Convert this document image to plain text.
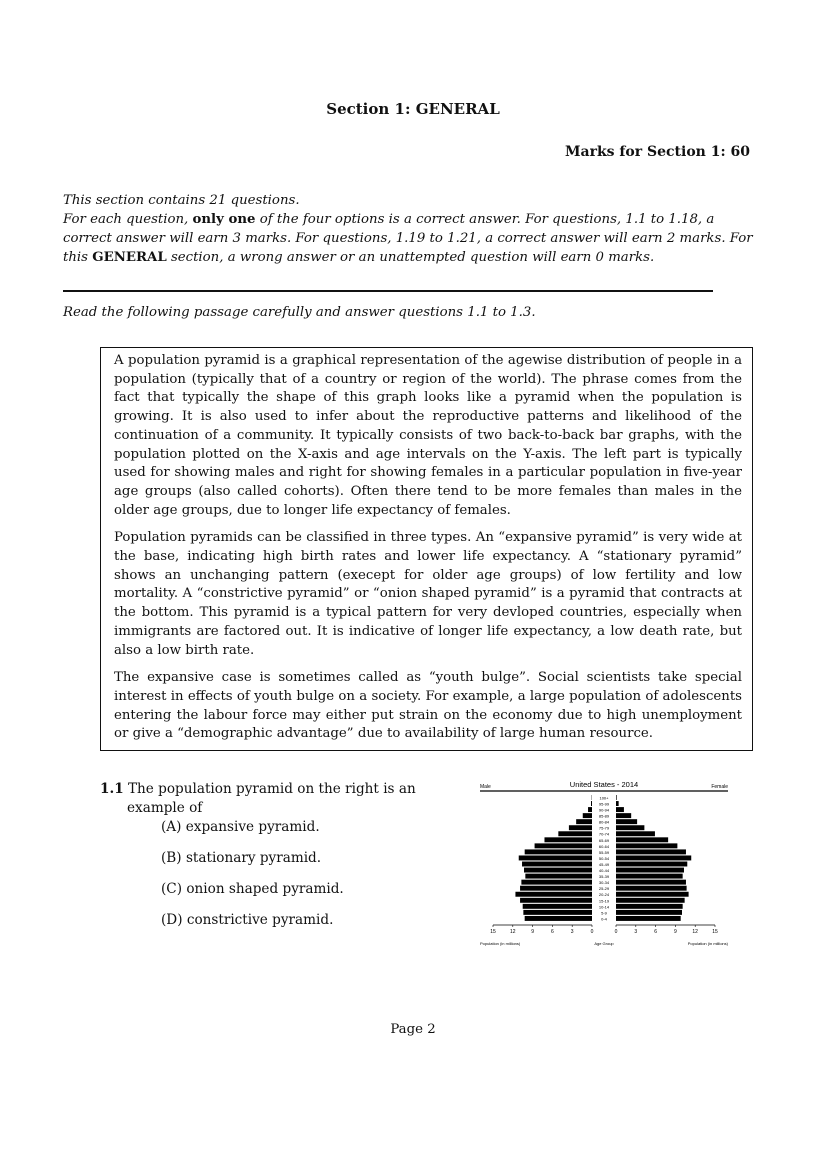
Section 1: GENERAL
Marks for Section 1: 60

This section contains 21 questions.

For each question, only one of the four options is a correct answer. For questions, 1.1 to 1.18, a correct answer will earn 3 marks. For questions, 1.19 to 1.21, a correct answer will earn 2 marks. For this GENERAL section, a wrong answer or an unattempted question will earn 0 marks.

Read the following passage carefully and answer questions 1.1 to 1.3.

A population pyramid is a graphical representation of the agewise distribution of people in a population (typically that of a country or region of the world). The phrase comes from the fact that typically the shape of this graph looks like a pyramid when the population is growing. It is also used to infer about the reproductive patterns and likelihood of the continuation of a community. It typically consists of two back-to-back bar graphs, with the population plotted on the X-axis and age intervals on the Y-axis. The left part is typically used for showing males and right for showing females in a particular population in five-year age groups (also called cohorts). Often there tend to be more females than males in the older age groups, due to longer life expectancy of females.

Population pyramids can be classified in three types. An “expansive pyramid” is very wide at the base, indicating high birth rates and lower life expectancy. A “stationary pyramid” shows an unchanging pattern (execept for older age groups) of low fertility and low mortality. A “constrictive pyramid” or “onion shaped pyramid” is a pyramid that contracts at the bottom. This pyramid is a typical pattern for very devloped countries, especially when immigrants are factored out. It is indicative of longer life expectancy, a low death rate, but also a low birth rate.

The expansive case is sometimes called as “youth bulge”. Social scientists take special interest in effects of youth bulge on a society. For example, a large population of adolescents entering the labour force may either put strain on the economy due to high unemployment or give a “demographic advantage” due to availability of large human resource.

1.1 The population pyramid on the right is an
example of

(A) expansive pyramid.
(B) stationary pyramid.
(C) onion shaped pyramid.
(D) constrictive pyramid.
United States - 2014
Male	Female
0-4
5-9
10-14
15-19
20-24
25-29
30-34
35-39
40-44
45-49
50-54
55-59
60-64
65-69
70-74
75-79
80-84
85-89
90-94
95-99
100+
15	12	9	6	3	0	0	3	6	9	12	15
Population (in millions)	Age Group	Population (in millions)
Page 2
